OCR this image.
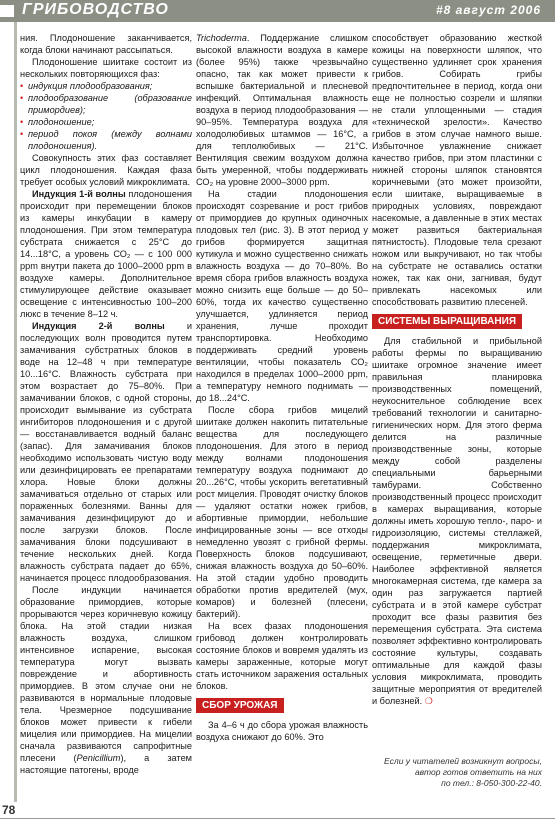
ГРИБОВОДСТВО	#8 август 2006

ния. Плодоношение заканчивается, когда блоки начинают рассыпаться.

Плодоношение шиитаке состоит из нескольких повторяющихся фаз:

• индукция плодообразования;
• плодообразование (образование примордиев);
• плодоношение;
• период покоя (между волнами плодоношения).

Совокупность этих фаз составляет цикл плодоношения. Каждая фаза требует особых условий микроклимата.

Индукция 1-й волны плодоношения происходит при перемещении блоков из камеры инкубации в камеру плодоношения. При этом температура субстрата снижается с 25°С до 14...18°С, а уровень СО₂ — с 100 000 ppm внутри пакета до 1000–2000 ppm в воздухе камеры. Дополнительное стимулирующее действие оказывает освещение с интенсивностью 100–200 люкс в течение 8–12 ч.

Индукция 2-й волны и последующих волн проводится путем замачивания субстратных блоков в воде на 12–48 ч при температуре 10...16°С. Влажность субстрата при этом возрастает до 75–80%. При замачивании блоков, с одной стороны, происходит вымывание из субстрата ингибиторов плодоношения и с другой — восстанавливается водный баланс (запас). Для замачивания блоков необходимо использовать чистую воду или дезинфицировать ее препаратами хлора. Новые блоки должны замачиваться отдельно от старых или пораженных болезнями. Ванны для замачивания дезинфицируют до и после загрузки блоков. После замачивания блоки подсушивают в течение нескольких дней. Когда влажность субстрата падает до 65%, начинается процесс плодообразования.

После индукции начинается образование примордиев, которые прорываются через коричневую кожицу блока. На этой стадии низкая влажность воздуха, слишком интенсивное испарение, высокая температура могут вызвать повреждение и абортивность примордиев. В этом случае они не развиваются в нормальные плодовые тела. Чрезмерное подсушивание блоков может привести к гибели мицелия или примордиев. На мицелии сначала развиваются сапрофитные плесени (Penicillium), а затем настоящие патогены, вроде

Trichoderma. Поддержание слишком высокой влажности воздуха в камере (более 95%) также чрезвычайно опасно, так как может привести к вспышке бактериальной и плесневой инфекций. Оптимальная влажность воздуха в период плодообразования — 90–95%. Температура воздуха для холодолюбивых штаммов — 16°С, а для теплолюбивых — 21°С. Вентиляция свежим воздухом должна быть умеренной, чтобы поддерживать СО₂ на уровне 2000–3000 ppm.

На стадии плодоношения происходят созревание и рост грибов от примордиев до крупных одиночных плодовых тел (рис. 3). В этот период у грибов формируется защитная кутикула и можно существенно снижать влажность воздуха — до 70–80%. Во время сбора грибов влажность воздуха можно снизить еще больше — до 50–60%, тогда их качество существенно улучшается, удлиняется период хранения, лучше проходит транспортировка. Необходимо поддерживать средний уровень вентиляции, чтобы показатель СО₂ находился в пределах 1000–2000 ppm, а температуру немного поднимать — до 18...24°С.

После сбора грибов мицелий шиитаке должен накопить питательные вещества для последующего плодоношения. Для этого в период между волнами плодоношения температуру воздуха поднимают до 20...26°С, чтобы ускорить вегетативный рост мицелия. Проводят очистку блоков — удаляют остатки ножек грибов, абортивные примордии, небольшие инфицированные зоны — все отходы немедленно увозят с грибной фермы. Поверхность блоков подсушивают, снижая влажность воздуха до 50–60%. На этой стадии удобно проводить обработки против вредителей (мух, комаров) и болезней (плесени, бактерий).

На всех фазах плодоношения грибовод должен контролировать состояние блоков и вовремя удалять из камеры зараженные, которые могут стать источником заражения остальных блоков.

СБОР УРОЖАЯ

За 4–6 ч до сбора урожая влажность воздуха снижают до 60%. Это

способствует образованию жесткой кожицы на поверхности шляпок, что существенно удлиняет срок хранения грибов. Собирать грибы предпочтительнее в период, когда они еще не полностью созрели и шляпки не стали уплощенными — стадия «технической зрелости». Качество грибов в этом случае намного выше. Избыточное увлажнение снижает качество грибов, при этом пластинки с нижней стороны шляпок становятся коричневыми (это может произойти, если шиитаке, выращиваемые в природных условиях, повреждают насекомые, а давленные в этих местах может развиться бактериальная пятнистость). Плодовые тела срезают ножом или выкручивают, но так чтобы на субстрате не оставались остатки ножек, так как они, загнивая, будут привлекать насекомых или способствовать развитию плесеней.

СИСТЕМЫ ВЫРАЩИВАНИЯ

Для стабильной и прибыльной работы фермы по выращиванию шиитаке огромное значение имеет правильная планировка производственных помещений, неукоснительное соблюдение всех требований технологии и санитарно-гигиенических норм. Для этого ферма делится на различные производственные зоны, которые между собой разделены специальными барьерными тамбурами. Собственно производственный процесс происходит в камерах выращивания, которые должны иметь хорошую тепло-, паро- и гидроизоляцию, системы стеллажей, поддержания микроклимата, освещение, герметичные двери. Наиболее эффективной является многокамерная система, где камера за один раз загружается партией субстрата и в этой камере субстрат проходит все фазы развития без перемещения субстрата. Эта система позволяет эффективно контролировать состояние культуры, создавать оптимальные для каждой фазы условия микроклимата, проводить защитные мероприятия от вредителей и болезней. ❍

Если у читателей возникнут вопросы,
автор готов ответить на них
по тел.: 8-050-300-22-40.
78
